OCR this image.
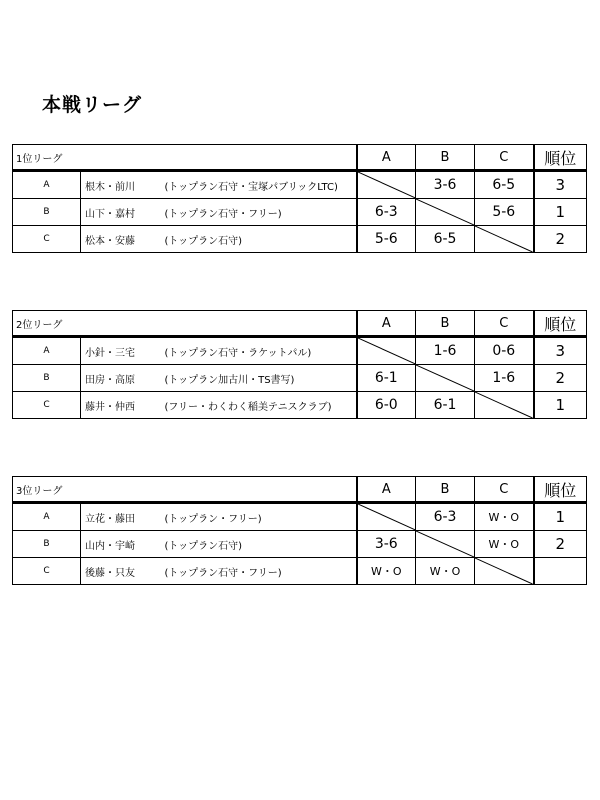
本戦リーグ
1位リーグ			A	B	C	順位
A	根木・前川	(トップラン石守・宝塚パブリックLTC)		3-6	6-5	3
B	山下・嘉村	(トップラン石守・フリー)	6-3		5-6	1
C	松本・安藤	(トップラン石守)	5-6	6-5		2
2位リーグ			A	B	C	順位
A	小針・三宅	(トップラン石守・ラケットパル)		1-6	0-6	3
B	田房・高原	(トップラン加古川・TS書写)	6-1		1-6	2
C	藤井・仲西	(フリー・わくわく稲美テニスクラブ)	6-0	6-1		1
3位リーグ			A	B	C	順位
A	立花・藤田	(トップラン・フリー)		6-3	W・O	1
B	山内・宇崎	(トップラン石守)	3-6		W・O	2
C	後藤・只友	(トップラン石守・フリー)	W・O	W・O	
